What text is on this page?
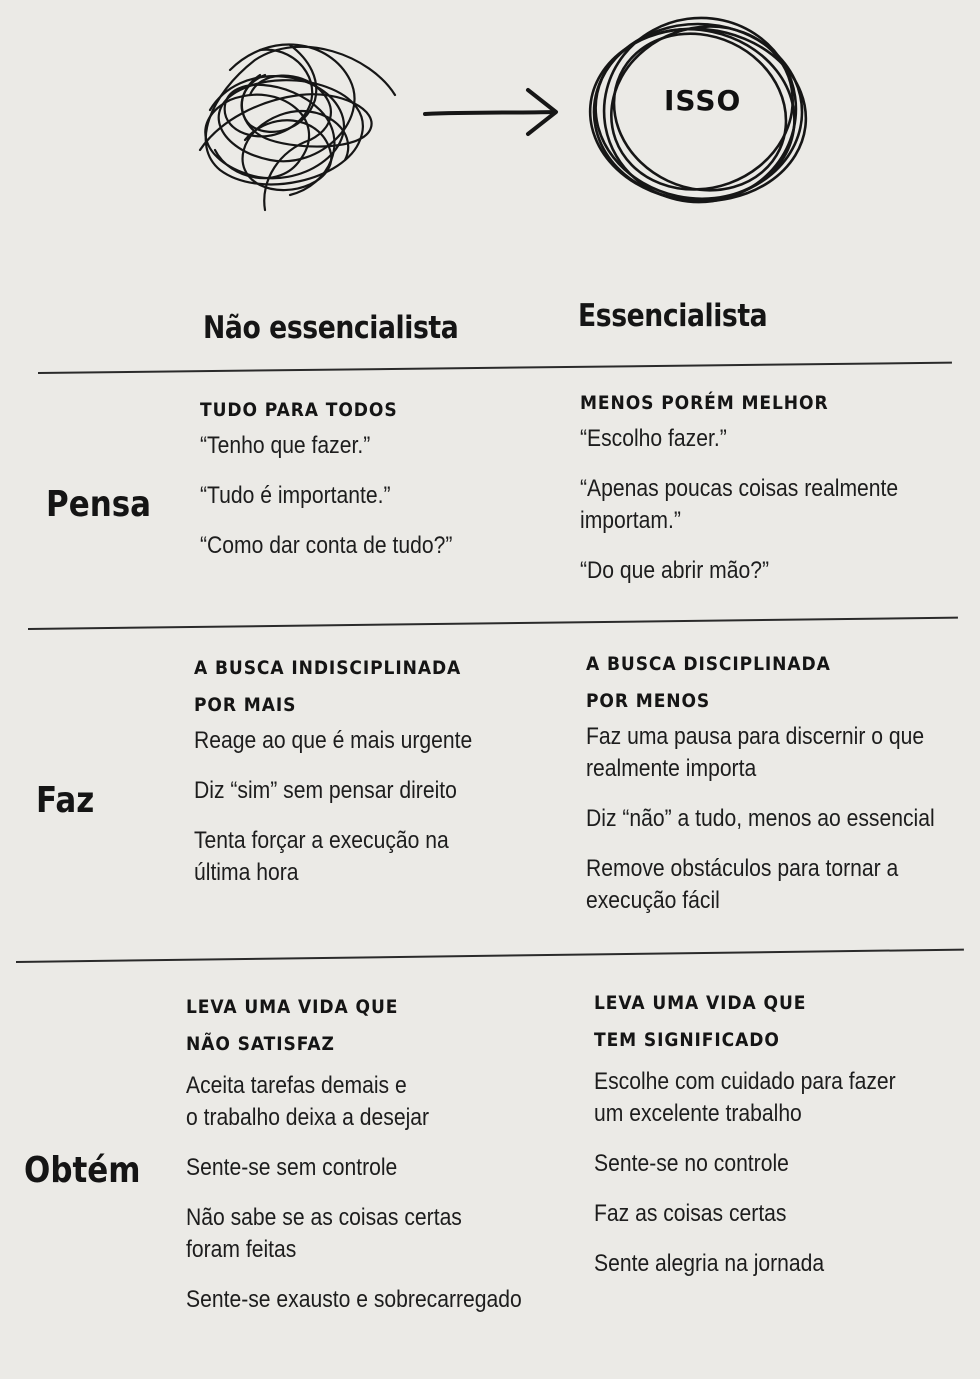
ISSO
Não essencialista	Essencialista
Pensa
TUDO PARA TODOS
“Tenho que fazer.”
“Tudo é importante.”
“Como dar conta de tudo?”
MENOS PORÉM MELHOR
“Escolho fazer.”
“Apenas poucas coisas realmente
importam.”
“Do que abrir mão?”
Faz
A BUSCA INDISCIPLINADA
POR MAIS
Reage ao que é mais urgente
Diz “sim” sem pensar direito
Tenta forçar a execução na
última hora
A BUSCA DISCIPLINADA
POR MENOS
Faz uma pausa para discernir o que
realmente importa
Diz “não” a tudo, menos ao essencial
Remove obstáculos para tornar a
execução fácil
Obtém
LEVA UMA VIDA QUE
NÃO SATISFAZ
Aceita tarefas demais e
o trabalho deixa a desejar
Sente-se sem controle
Não sabe se as coisas certas
foram feitas
Sente-se exausto e sobrecarregado
LEVA UMA VIDA QUE
TEM SIGNIFICADO
Escolhe com cuidado para fazer
um excelente trabalho
Sente-se no controle
Faz as coisas certas
Sente alegria na jornada
